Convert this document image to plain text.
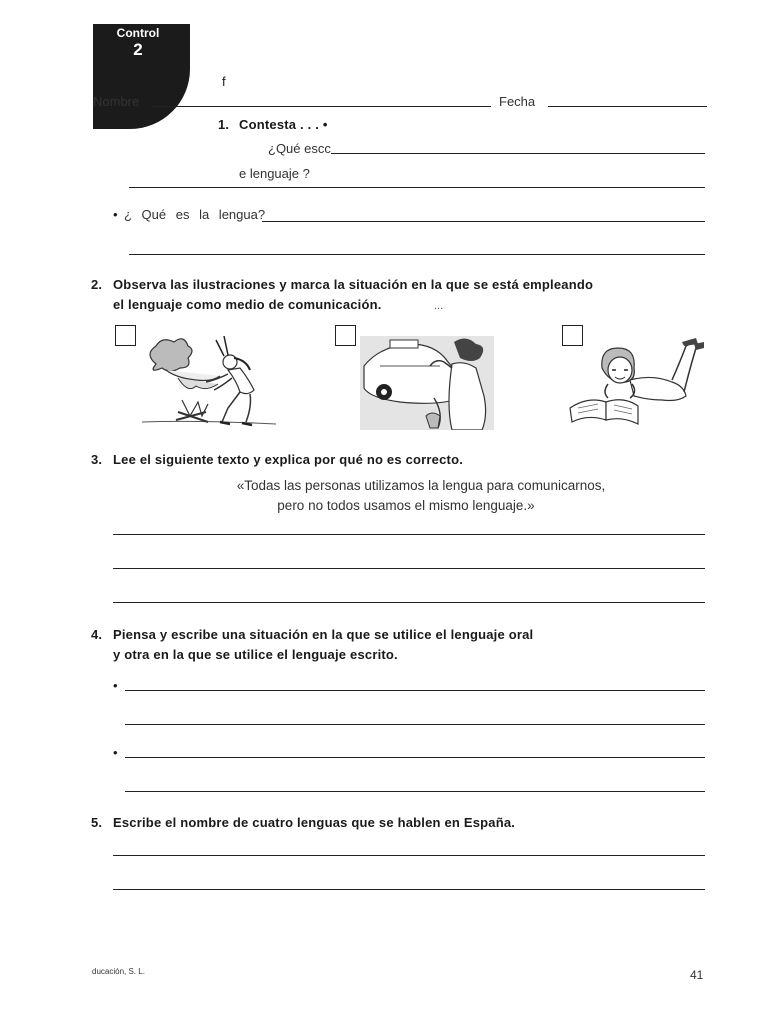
Control
2
f
Nombre	Fecha
1. Contesta . . . •
¿Qué escc
e lenguaje ?
• ¿ Qué es la lengua?
2. Observa las ilustraciones y marca la situación en la que se está empleando
el lenguaje como medio de comunicación.	...
3. Lee el siguiente texto y explica por qué no es correcto.
«Todas las personas utilizamos la lengua para comunicarnos,
pero no todos usamos el mismo lenguaje.»
4. Piensa y escribe una situación en la que se utilice el lenguaje oral
y otra en la que se utilice el lenguaje escrito.
•
•
5. Escribe el nombre de cuatro lenguas que se hablen en España.
ducación, S. L.	41
